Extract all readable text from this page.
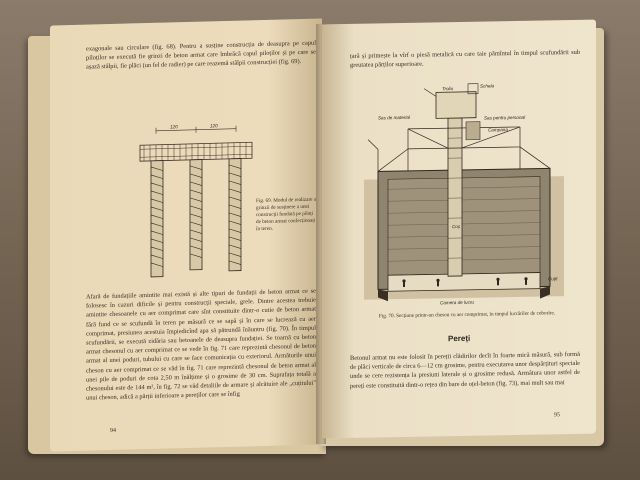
exagonale sau circulare (fig. 68). Pentru a susține construcția de deasupra pe capul piloților se execută fie grinzi de beton armat care îmbrăcă capul piloților și pe care se așază stâlpii, fie plăci (un fel de radier) pe care reazemă stâlpii construcției (fig. 69).

120	120
Fig. 69. Modul de realizare a grinzii de susținere a unei construcții fundată pe piloți de beton armat confecționați în teren.

Afară de fundațiile amintite mai există și alte tipuri de fundații de beton armat ce se folosesc în cazuri dificile și pentru construcții speciale, grele. Dintre acestea trebuie amintite chesoanele cu aer comprimat care sînt constituite dintr-o cutie de beton armat fără fund ce se scufundă în teren pe măsură ce se sapă și în care se lucrează cu aer comprimat, presiunea acestuia împiedicînd apa să pătrundă înăuntru (fig. 70). În timpul scufundării, se execută zidăria sau betoanele de deasupra fundației. Se toarnă cu beton armat chesonul cu aer comprimat ce se vede în fig. 71 care reprezintă chesonul de beton armat al unei poduri, tubului cu care se face comunicația cu exteriorul. Armăturile unui cheson cu aer comprimat ce se văd în fig. 71 care reprezintă chesonul de beton armat al unei pile de poduri de cota 2,50 m înălțime și o grosime de 30 cm. Suprafața totală a chesonului este de 144 m², în fig. 72 se văd detaliile de armare și alcătuire ale „cuțitului" unui cheson, adică a părții inferioare a pereților care se înfig

94

țară și primește la vîrf o piesă metalică cu care taie pămîntul în timpul scufundării sub greutatea părților superioare.

Troliu
Schela
Sas de material	Sas pentru personal
Campana
Coș
Cuțit
Camera de lucru
Fig. 70. Secțiune printr-un cheson cu aer comprimat, în timpul lucrărilor de coborîre.
Pereți

Betonul armat nu este folosit în pereții clădirilor decît în foarte mică măsură, sub formă de plăci verticale de circa 6—12 cm grosime, pentru executarea unor despărțituri speciale unde se cere rezistența la presiuni laterale și o grosime redusă. Armătura unor astfel de pereți este constituită dintr-o rețea din bare de oțel-beton (fig. 73), mai mult sau mai

95
